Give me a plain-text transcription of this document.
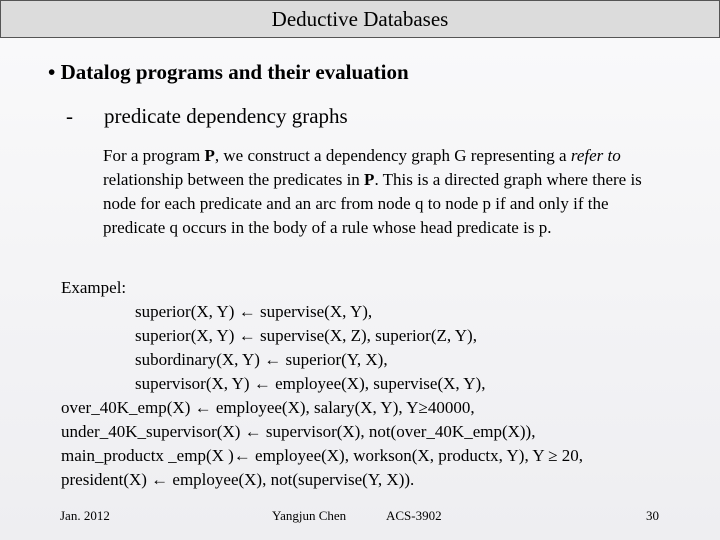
Deductive Databases
• Datalog programs and their evaluation
- predicate dependency graphs
For a program P, we construct a dependency graph G representing a refer to relationship between the predicates in P. This is a directed graph where there is node for each predicate and an arc from node q to node p if and only if the predicate q occurs in the body of a rule whose head predicate is p.
Exampel:
superior(X, Y) ← supervise(X, Y),
superior(X, Y) ← supervise(X, Z), superior(Z, Y),
subordinary(X, Y) ← superior(Y, X),
supervisor(X, Y) ← employee(X), supervise(X, Y),
over_40K_emp(X) ← employee(X), salary(X, Y), Y≥40000,
under_40K_supervisor(X) ← supervisor(X), not(over_40K_emp(X)),
main_productx _emp(X )← employee(X), workson(X, productx, Y), Y ≥ 20,
president(X) ← employee(X), not(supervise(Y, X)).
Jan. 2012	Yangjun Chen	ACS-3902	30
